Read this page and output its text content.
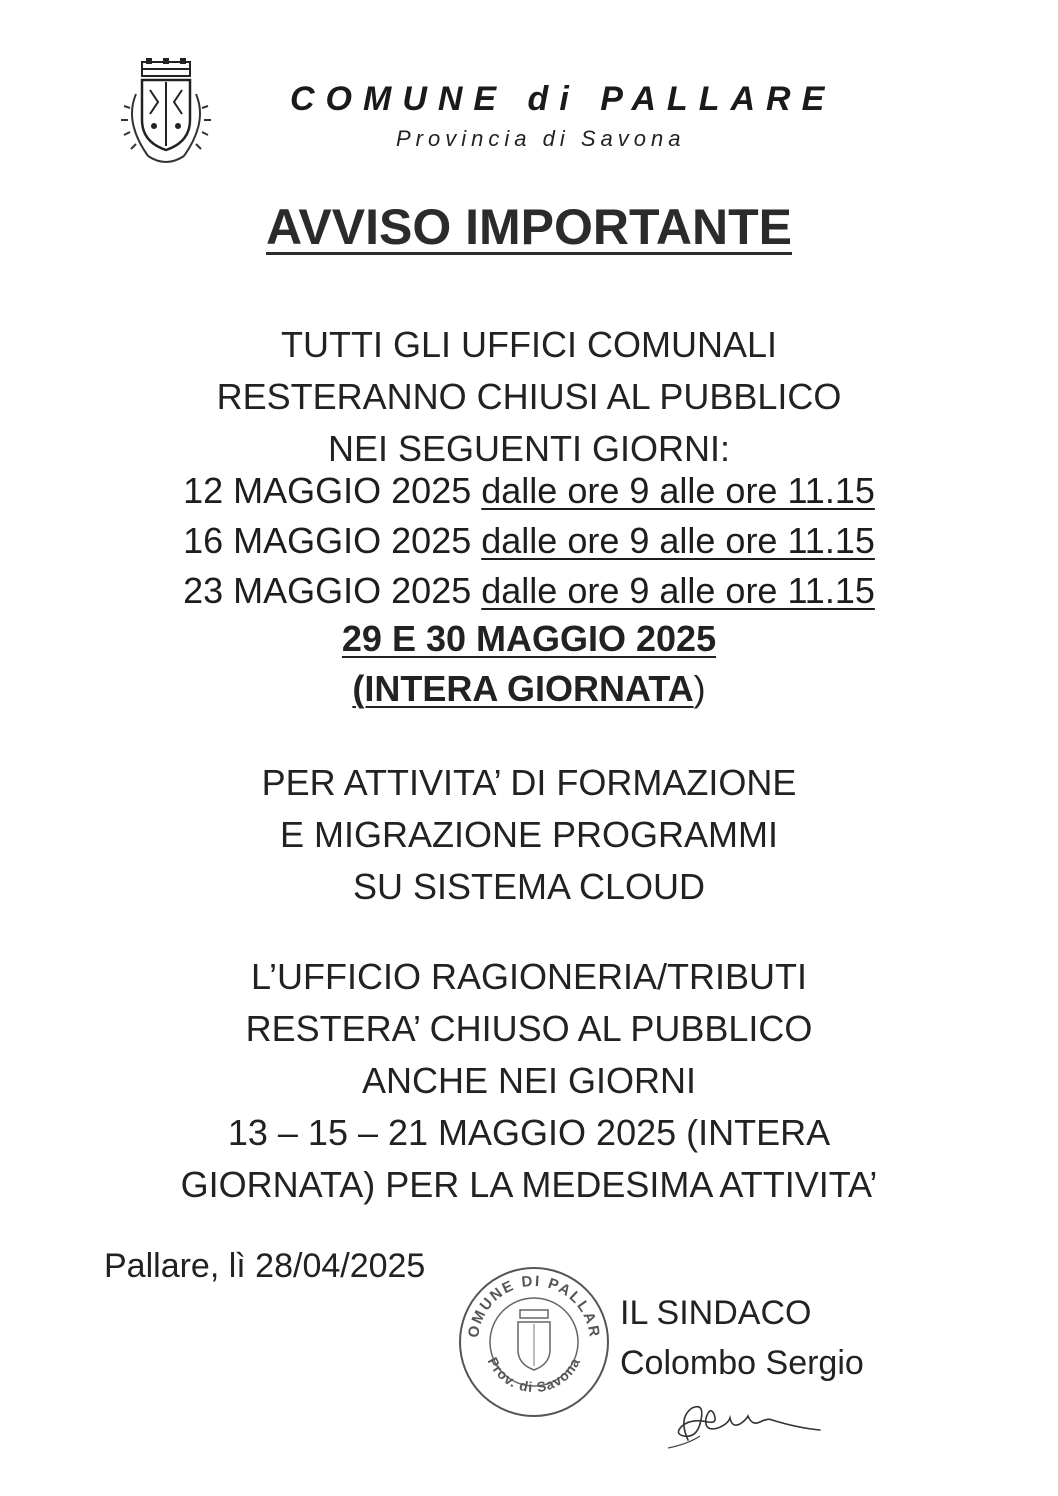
COMUNE di PALLARE
Provincia di Savona
AVVISO IMPORTANTE
TUTTI GLI UFFICI COMUNALI
RESTERANNO CHIUSI AL PUBBLICO
NEI SEGUENTI GIORNI:
12 MAGGIO 2025 dalle ore 9 alle ore 11.15
16 MAGGIO 2025 dalle ore 9 alle ore 11.15
23 MAGGIO 2025 dalle ore 9 alle ore 11.15
29 E 30 MAGGIO 2025
(INTERA GIORNATA)
PER ATTIVITA’ DI FORMAZIONE
E MIGRAZIONE PROGRAMMI
SU SISTEMA CLOUD
L’UFFICIO RAGIONERIA/TRIBUTI
RESTERA’ CHIUSO AL PUBBLICO
ANCHE NEI GIORNI
13 – 15 – 21 MAGGIO 2025 (INTERA
GIORNATA) PER LA MEDESIMA ATTIVITA’
Pallare, lì 28/04/2025
OMUNE DI PALLAR
Prov. di Savona
IL SINDACO
Colombo Sergio
